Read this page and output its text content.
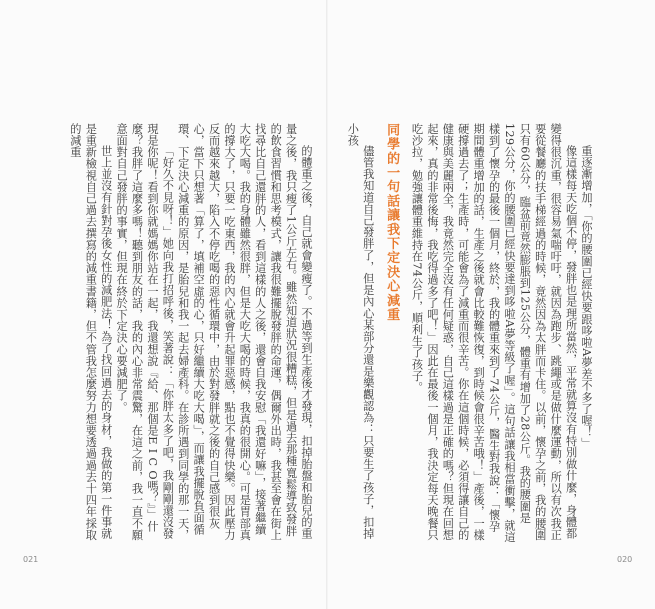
重逐漸增加，「你的腰圍已經快要跟哆啦A夢差不多了喔！」

像這樣每天吃個不停，發胖也是理所當然，平常就算沒有特別做什麼，身體都變得很沉重，很容易氣喘吁吁，就因為跑步、跳繩或是做什麼運動，所以有次我正要從餐廳的扶手梯經過的時候，竟然因為太胖而卡住。以前，懷孕之前，我的腰圍只有60公分，臨盆前竟然膨脹到125公分，體重有增加了28公斤。我的腰圍是129公分，你的腰圍已經快要達到哆啦A夢等級了喔」。這句話讓我相當衝擊，就這樣到了懷孕的最後一個月，終於，我的體重來到了74公斤，醫生對我說：「懷孕期間體重增加的話，生產之後就會比較難恢復，到時候會很辛苦哦！」產後，一樣硬撐過去了；生產時，可能會為了減重而很辛苦。你在這個時候，必須得讓自己的健康與美麗兩全，我竟然完全沒有任何疑惑，自己這樣過是正確的嗎？但現在回想起來，真的非常後悔，我吃得過多了吧！」因此在最後一個月，我決定每天晚餐只吃沙拉，勉強讓體重維持在74公斤，順利生了孩子。

同學的一句話讓我下定決心減重

儘管我知道自己發胖了，但是內心某部分還是樂觀認為：只要生了孩子，扣掉小孩

的體重之後，自己就會變瘦了。不過等到生產後才發現，扣掉胎盤和胎兒的重量之後，我只瘦了1公斤左右。雖然知道狀況很糟糕，但是過去那種寬鬆導致發胖的飲食習慣和思考模式，讓我很難擺脫發胖的命運，偶爾外出時，我甚至會在街上找尋比自己還胖的人，看到這樣的人之後，還會自我安慰「我還好嘛」，接著繼續大吃大喝。我的身體雖然很胖，但是大吃大喝的時候，我真的很開心。可是胃部真的撐大了，只要一吃東西，我的內心就會升起罪惡感，點也不覺得快樂。因此壓力反而越來越大，陷入不停吃喝的惡性循環中，由於對發胖就之後的自己感到很灰心，當下只想著「算了，填補空虛的心，只好繼續大吃大喝」，而讓我擺脫負面循環、下定決心減重的原因，是胎兒和我一起去婦產科。在診所遇到同學的那一天，

「好久不見呀！」她向我打招呼後，笑著說：「你胖太多了吧，我剛剛還沒發現是你呢！看到你就媽媽你站在一起，我還想說『給、那個是E I C O嗎？』」什麼？我胖了這麼多嗎！聽到朋友的話，我的內心非常震驚，在這之前，我一直不願意面對自己發胖的事實，但現在終於下定決心要減肥了。

世上並沒有針對孕後女性的減肥法！為了找回過去的身材，我做的第一件事就是重新檢視自己過去撰寫的減重書籍，但不管我怎麼努力想要透過過去十四年採取的減重

021	020
